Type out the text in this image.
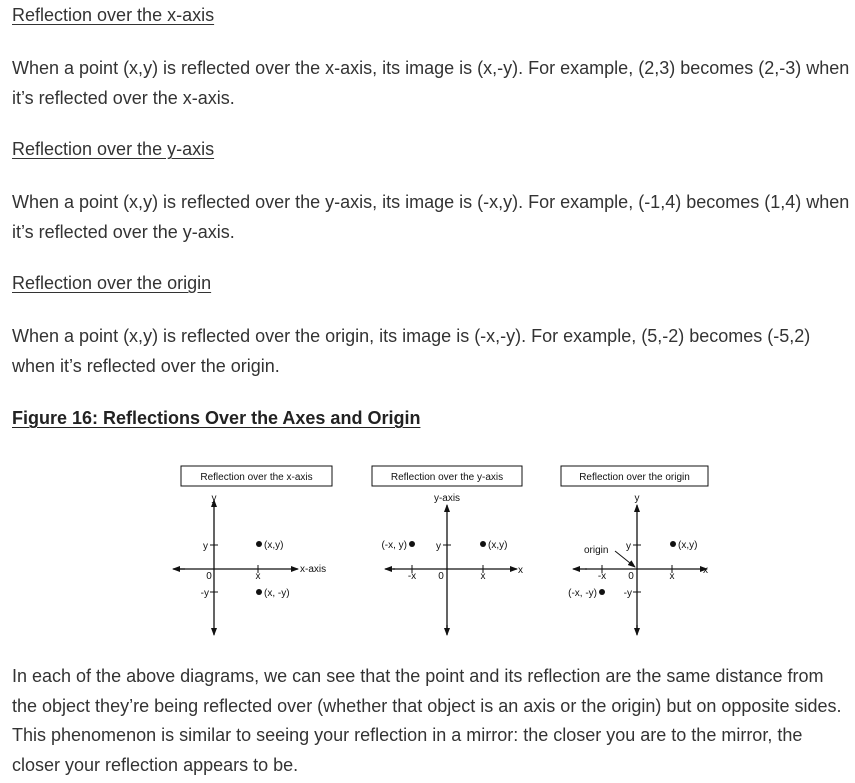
Reflection over the x-axis

When a point (x,y) is reflected over the x-axis, its image is (x,-y). For example, (2,3) becomes (2,-3) when it’s reflected over the x-axis.

Reflection over the y-axis

When a point (x,y) is reflected over the y-axis, its image is (-x,y). For example, (-1,4) becomes (1,4) when it’s reflected over the y-axis.

Reflection over the origin

When a point (x,y) is reflected over the origin, its image is (-x,-y). For example, (5,-2) becomes (-5,2) when it’s reflected over the origin.

Figure 16: Reflections Over the Axes and Origin

Reflection over the x-axis
y
y
-y
0	x
x-axis
(x,y)
(x, -y)
Reflection over the y-axis
y-axis
y
0
-x	x
x
(x,y)
(-x, y)
Reflection over the origin
y
y
-y
0
-x	x
x
origin	(x,y)
(-x, -y)

In each of the above diagrams, we can see that the point and its reflection are the same distance from the object they’re being reflected over (whether that object is an axis or the origin) but on opposite sides. This phenomenon is similar to seeing your reflection in a mirror: the closer you are to the mirror, the closer your reflection appears to be.
